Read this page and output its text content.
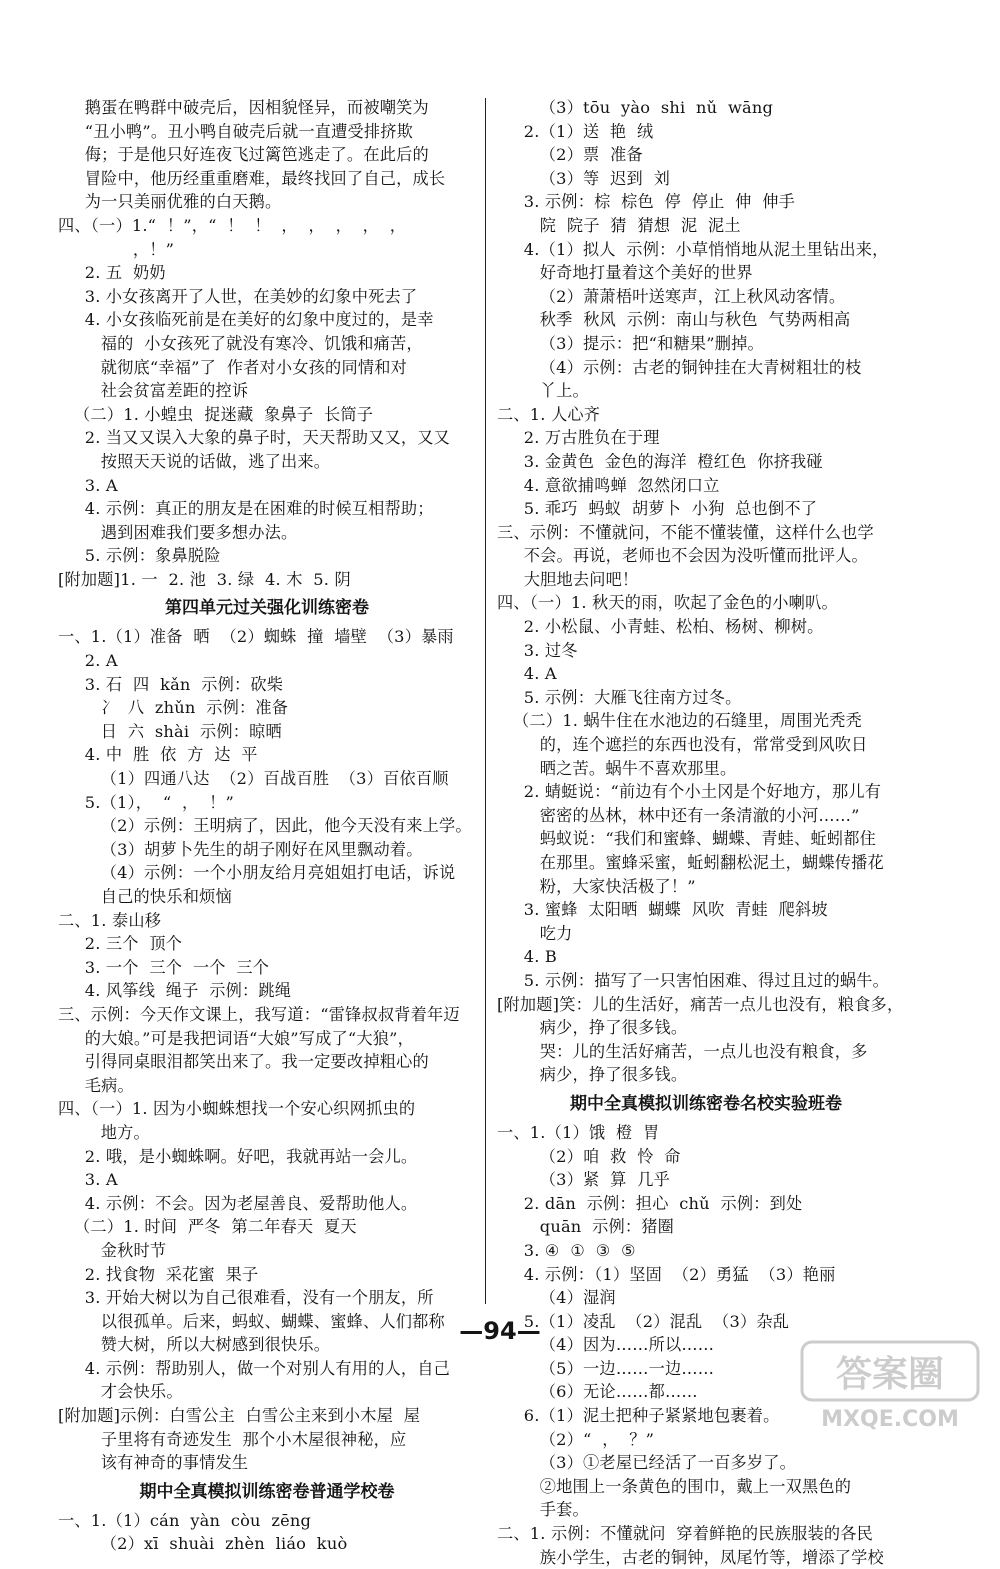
鹅蛋在鸭群中破壳后，因相貌怪异，而被嘲笑为
“丑小鸭”。丑小鸭自破壳后就一直遭受排挤欺
侮；于是他只好连夜飞过篱笆逃走了。在此后的
冒险中，他历经重重磨难，最终找回了自己，成长
为一只美丽优雅的白天鹅。
四、（一）1.“  ！”，“  ！  ！  ，  ，  ，  ，  ，
，！”
2. 五  奶奶
3. 小女孩离开了人世，在美妙的幻象中死去了
4. 小女孩临死前是在美好的幻象中度过的，是幸
福的  小女孩死了就没有寒冷、饥饿和痛苦，
就彻底“幸福”了  作者对小女孩的同情和对
社会贫富差距的控诉
（二）1. 小蝗虫  捉迷藏  象鼻子  长筒子
2. 当又又误入大象的鼻子时，天天帮助又又，又又
按照天天说的话做，逃了出来。
3. A
4. 示例：真正的朋友是在困难的时候互相帮助；
遇到困难我们要多想办法。
5. 示例：象鼻脱险
[附加题]1. 一  2. 池  3. 绿  4. 木  5. 阴
第四单元过关强化训练密卷
一、1.（1）准备  晒  （2）蜘蛛  撞  墙壁  （3）暴雨
2. A
3. 石  四  kǎn  示例：砍柴
冫  八  zhǔn  示例：准备
日  六  shài  示例：晾晒
4. 中  胜  依  方  达  平
（1）四通八达  （2）百战百胜  （3）百依百顺
5.（1），  “  ，  ！”
（2）示例：王明病了，因此，他今天没有来上学。
（3）胡萝卜先生的胡子刚好在风里飘动着。
（4）示例：一个小朋友给月亮姐姐打电话，诉说
自己的快乐和烦恼
二、1. 泰山移
2. 三个  顶个
3. 一个  三个  一个  三个
4. 风筝线  绳子  示例：跳绳
三、示例：今天作文课上，我写道：“雷锋叔叔背着年迈
的大娘。”可是我把词语“大娘”写成了“大狼”，
引得同桌眼泪都笑出来了。我一定要改掉粗心的
毛病。
四、（一）1. 因为小蜘蛛想找一个安心织网抓虫的
地方。
2. 哦，是小蜘蛛啊。好吧，我就再站一会儿。
3. A
4. 示例：不会。因为老屋善良、爱帮助他人。
（二）1. 时间  严冬  第二年春天  夏天
金秋时节
2. 找食物  采花蜜  果子
3. 开始大树以为自己很难看，没有一个朋友，所
以很孤单。后来，蚂蚁、蝴蝶、蜜蜂、人们都称
赞大树，所以大树感到很快乐。
4. 示例：帮助别人，做一个对别人有用的人，自己
才会快乐。
[附加题]示例：白雪公主  白雪公主来到小木屋  屋
子里将有奇迹发生  那个小木屋很神秘，应
该有神奇的事情发生
期中全真模拟训练密卷普通学校卷
一、1.（1）cán  yàn  còu  zēng
（2）xī  shuài  zhèn  liáo  kuò
（3）tōu  yào  shi  nǔ  wāng
2.（1）送  艳  绒
（2）票  准备
（3）等  迟到  刘
3. 示例：棕  棕色  停  停止  伸  伸手
院  院子  猜  猜想  泥  泥土
4.（1）拟人  示例：小草悄悄地从泥土里钻出来，
好奇地打量着这个美好的世界
（2）萧萧梧叶送寒声，江上秋风动客情。
秋季  秋风  示例：南山与秋色  气势两相高
（3）提示：把“和糖果”删掉。
（4）示例：古老的铜钟挂在大青树粗壮的枝
丫上。
二、1. 人心齐
2. 万古胜负在于理
3. 金黄色  金色的海洋  橙红色  你挤我碰
4. 意欲捕鸣蝉  忽然闭口立
5. 乖巧  蚂蚁  胡萝卜  小狗  总也倒不了
三、示例：不懂就问，不能不懂装懂，这样什么也学
不会。再说，老师也不会因为没听懂而批评人。
大胆地去问吧！
四、（一）1. 秋天的雨，吹起了金色的小喇叭。
2. 小松鼠、小青蛙、松柏、杨树、柳树。
3. 过冬
4. A
5. 示例：大雁飞往南方过冬。
（二）1. 蜗牛住在水池边的石缝里，周围光秃秃
的，连个遮拦的东西也没有，常常受到风吹日
晒之苦。蜗牛不喜欢那里。
2. 蜻蜓说：“前边有个小土冈是个好地方，那儿有
密密的丛林，林中还有一条清澈的小河……”
蚂蚁说：“我们和蜜蜂、蝴蝶、青蛙、蚯蚓都住
在那里。蜜蜂采蜜，蚯蚓翻松泥土，蝴蝶传播花
粉，大家快活极了！”
3. 蜜蜂  太阳晒  蝴蝶  风吹  青蛙  爬斜坡
吃力
4. B
5. 示例：描写了一只害怕困难、得过且过的蜗牛。
[附加题]笑：儿的生活好，痛苦一点儿也没有，粮食多，
病少，挣了很多钱。
哭：儿的生活好痛苦，一点儿也没有粮食，多
病少，挣了很多钱。
期中全真模拟训练密卷名校实验班卷
一、1.（1）饿  橙  胃
（2）咱  救  怜  命
（3）紧  算  几乎
2. dān  示例：担心  chǔ  示例：到处
quān  示例：猪圈
3. ④  ①  ③  ⑤
4. 示例：（1）坚固  （2）勇猛  （3）艳丽
（4）湿润
5.（1）凌乱  （2）混乱  （3）杂乱
（4）因为……所以……
（5）一边……一边……
（6）无论……都……
6.（1）泥土把种子紧紧地包裹着。
（2）“  ，  ？”
（3）①老屋已经活了一百多岁了。
②地围上一条黄色的围巾，戴上一双黑色的
手套。
二、1. 示例：不懂就问  穿着鲜艳的民族服装的各民
族小学生，古老的铜钟，凤尾竹等，增添了学校
—94—
答案圈
MXQE.COM
